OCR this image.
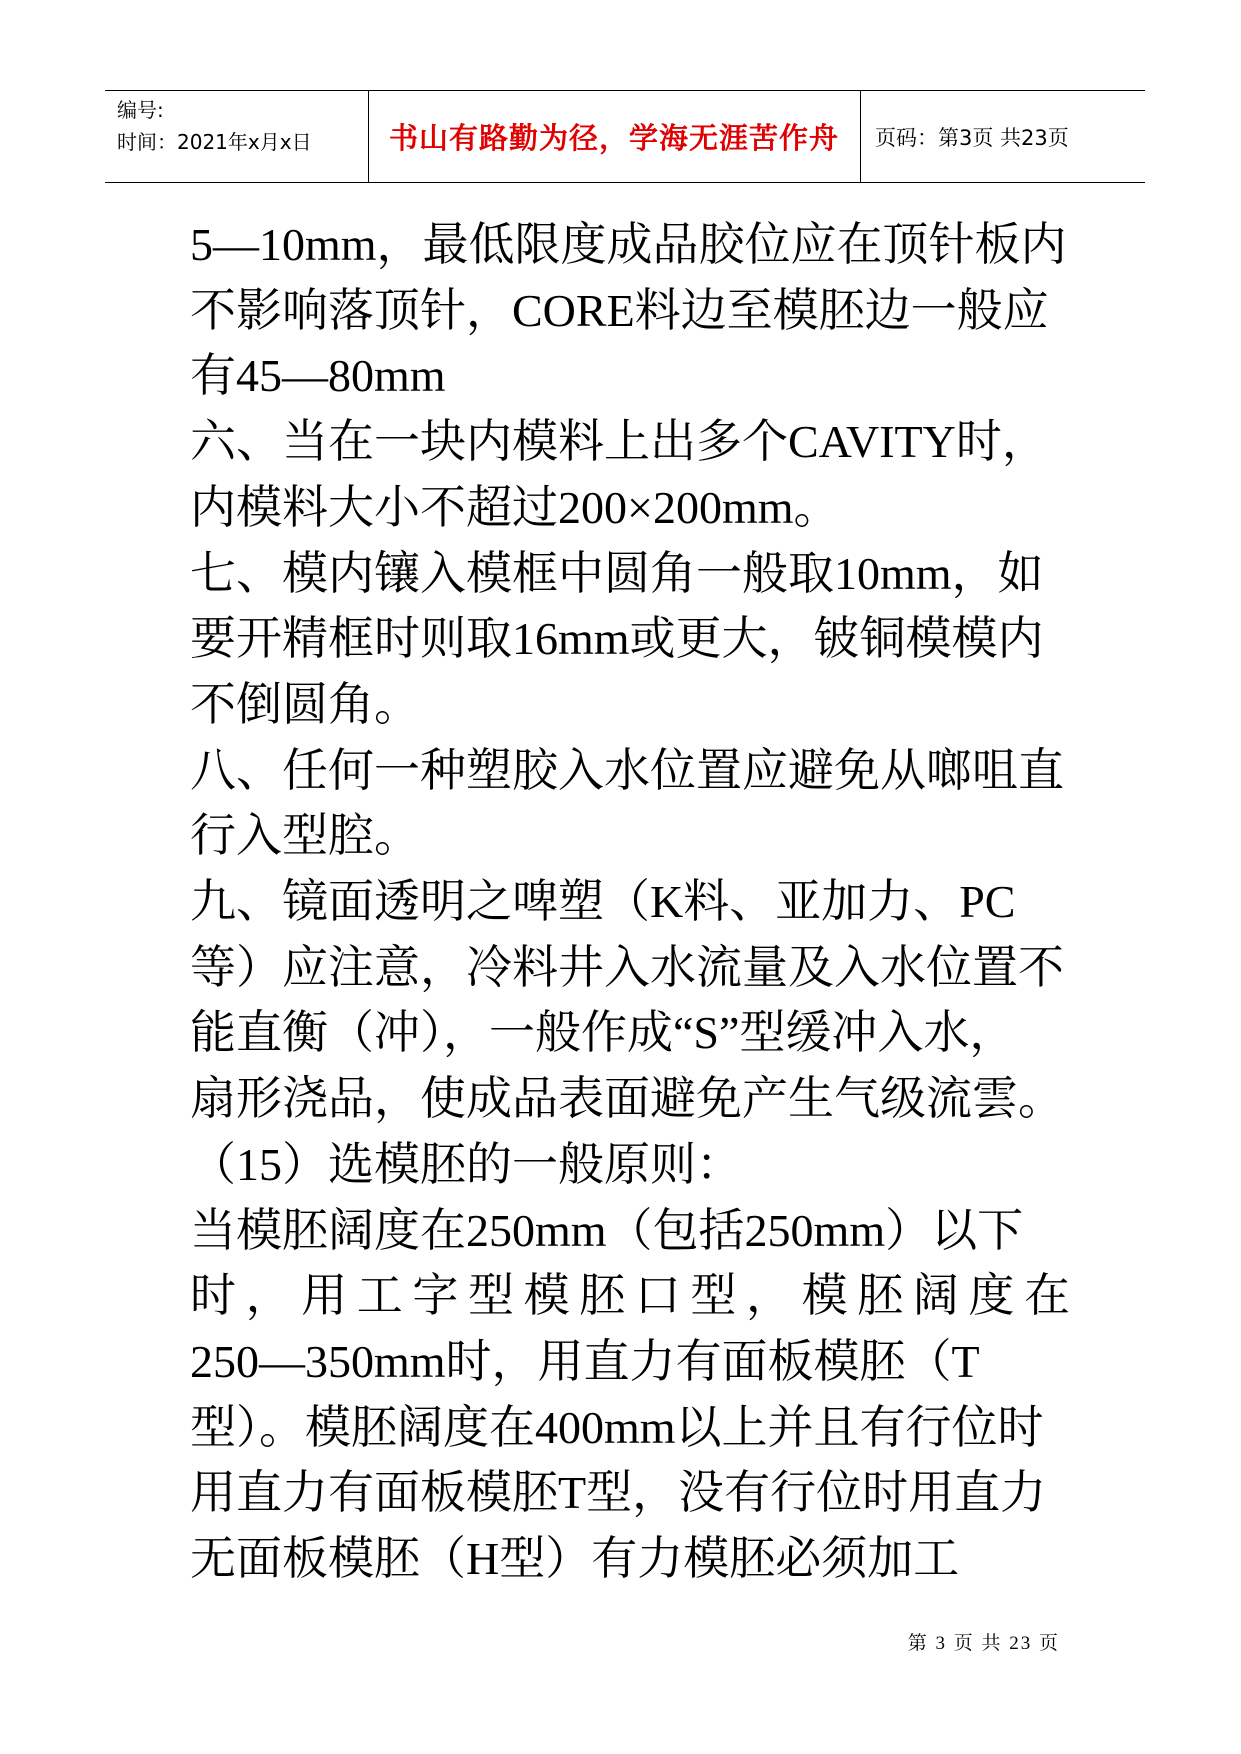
编号:
时间：2021年x月x日	书山有路勤为径，学海无涯苦作舟	页码：第3页 共23页
5—10mm，最低限度成品胶位应在顶针板内
不影响落顶针，CORE料边至模胚边一般应
有45—80mm
六、当在一块内模料上出多个CAVITY时，
内模料大小不超过200×200mm。
七、模内镶入模框中圆角一般取10mm，如
要开精框时则取16mm或更大，铍铜模模内
不倒圆角。
八、任何一种塑胶入水位置应避免从啷咀直
行入型腔。
九、镜面透明之啤塑（K料、亚加力、PC
等）应注意，冷料井入水流量及入水位置不
能直衡（冲），一般作成“S”型缓冲入水，
扇形浇品，使成品表面避免产生气级流雲。
（15）选模胚的一般原则：
当模胚阔度在250mm（包括250mm）以下
时，用工字型模胚口型，模胚阔度在
250—350mm时，用直力有面板模胚（T
型）。模胚阔度在400mm以上并且有行位时
用直力有面板模胚T型，没有行位时用直力
无面板模胚（H型）有力模胚必须加工
第 3 页 共 23 页
